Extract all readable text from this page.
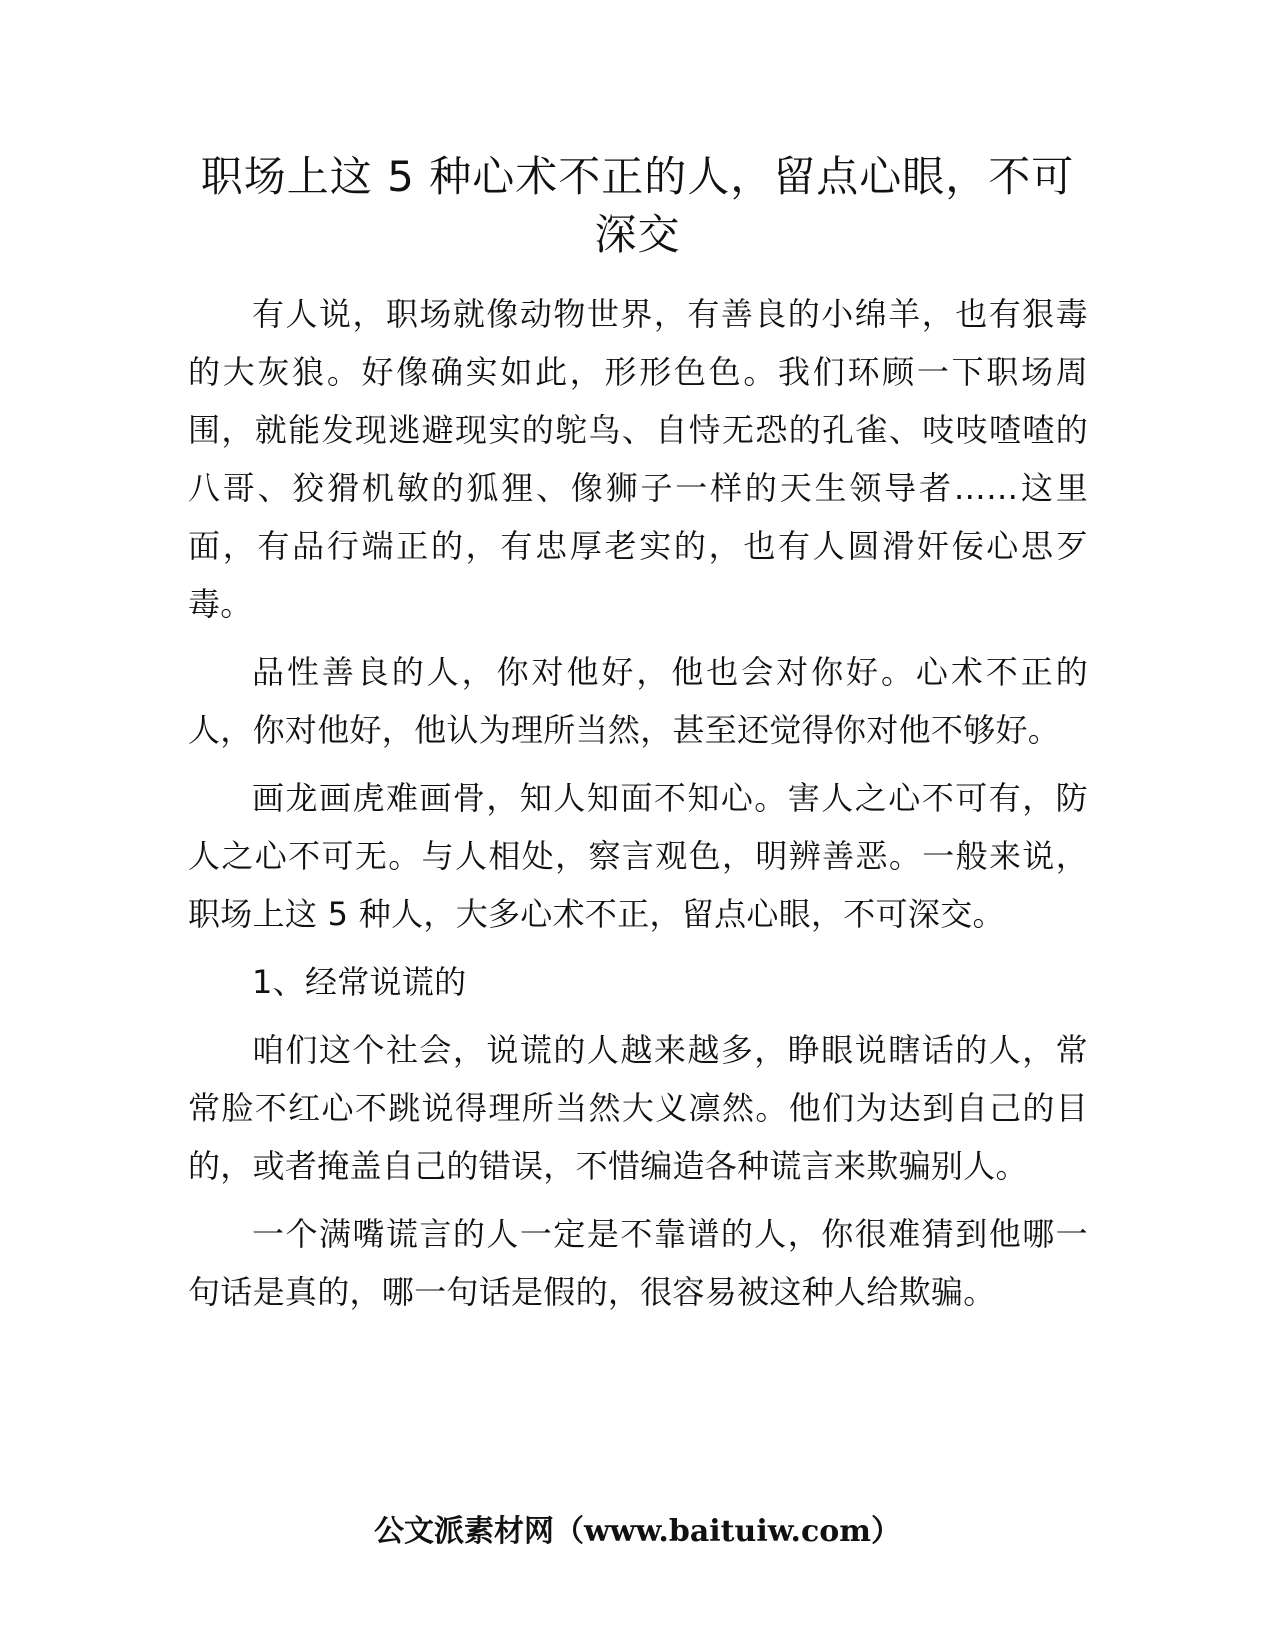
职场上这 5 种心术不正的人，留点心眼，不可深交

有人说，职场就像动物世界，有善良的小绵羊，也有狠毒的大灰狼。好像确实如此，形形色色。我们环顾一下职场周围，就能发现逃避现实的鸵鸟、自恃无恐的孔雀、吱吱喳喳的八哥、狡猾机敏的狐狸、像狮子一样的天生领导者……这里面，有品行端正的，有忠厚老实的，也有人圆滑奸佞心思歹毒。

品性善良的人，你对他好，他也会对你好。心术不正的人，你对他好，他认为理所当然，甚至还觉得你对他不够好。

画龙画虎难画骨，知人知面不知心。害人之心不可有，防人之心不可无。与人相处，察言观色，明辨善恶。一般来说，职场上这 5 种人，大多心术不正，留点心眼，不可深交。

1、经常说谎的

咱们这个社会，说谎的人越来越多，睁眼说瞎话的人，常常脸不红心不跳说得理所当然大义凛然。他们为达到自己的目的，或者掩盖自己的错误，不惜编造各种谎言来欺骗别人。

一个满嘴谎言的人一定是不靠谱的人，你很难猜到他哪一句话是真的，哪一句话是假的，很容易被这种人给欺骗。

公文派素材网（www.baituiw.com）
